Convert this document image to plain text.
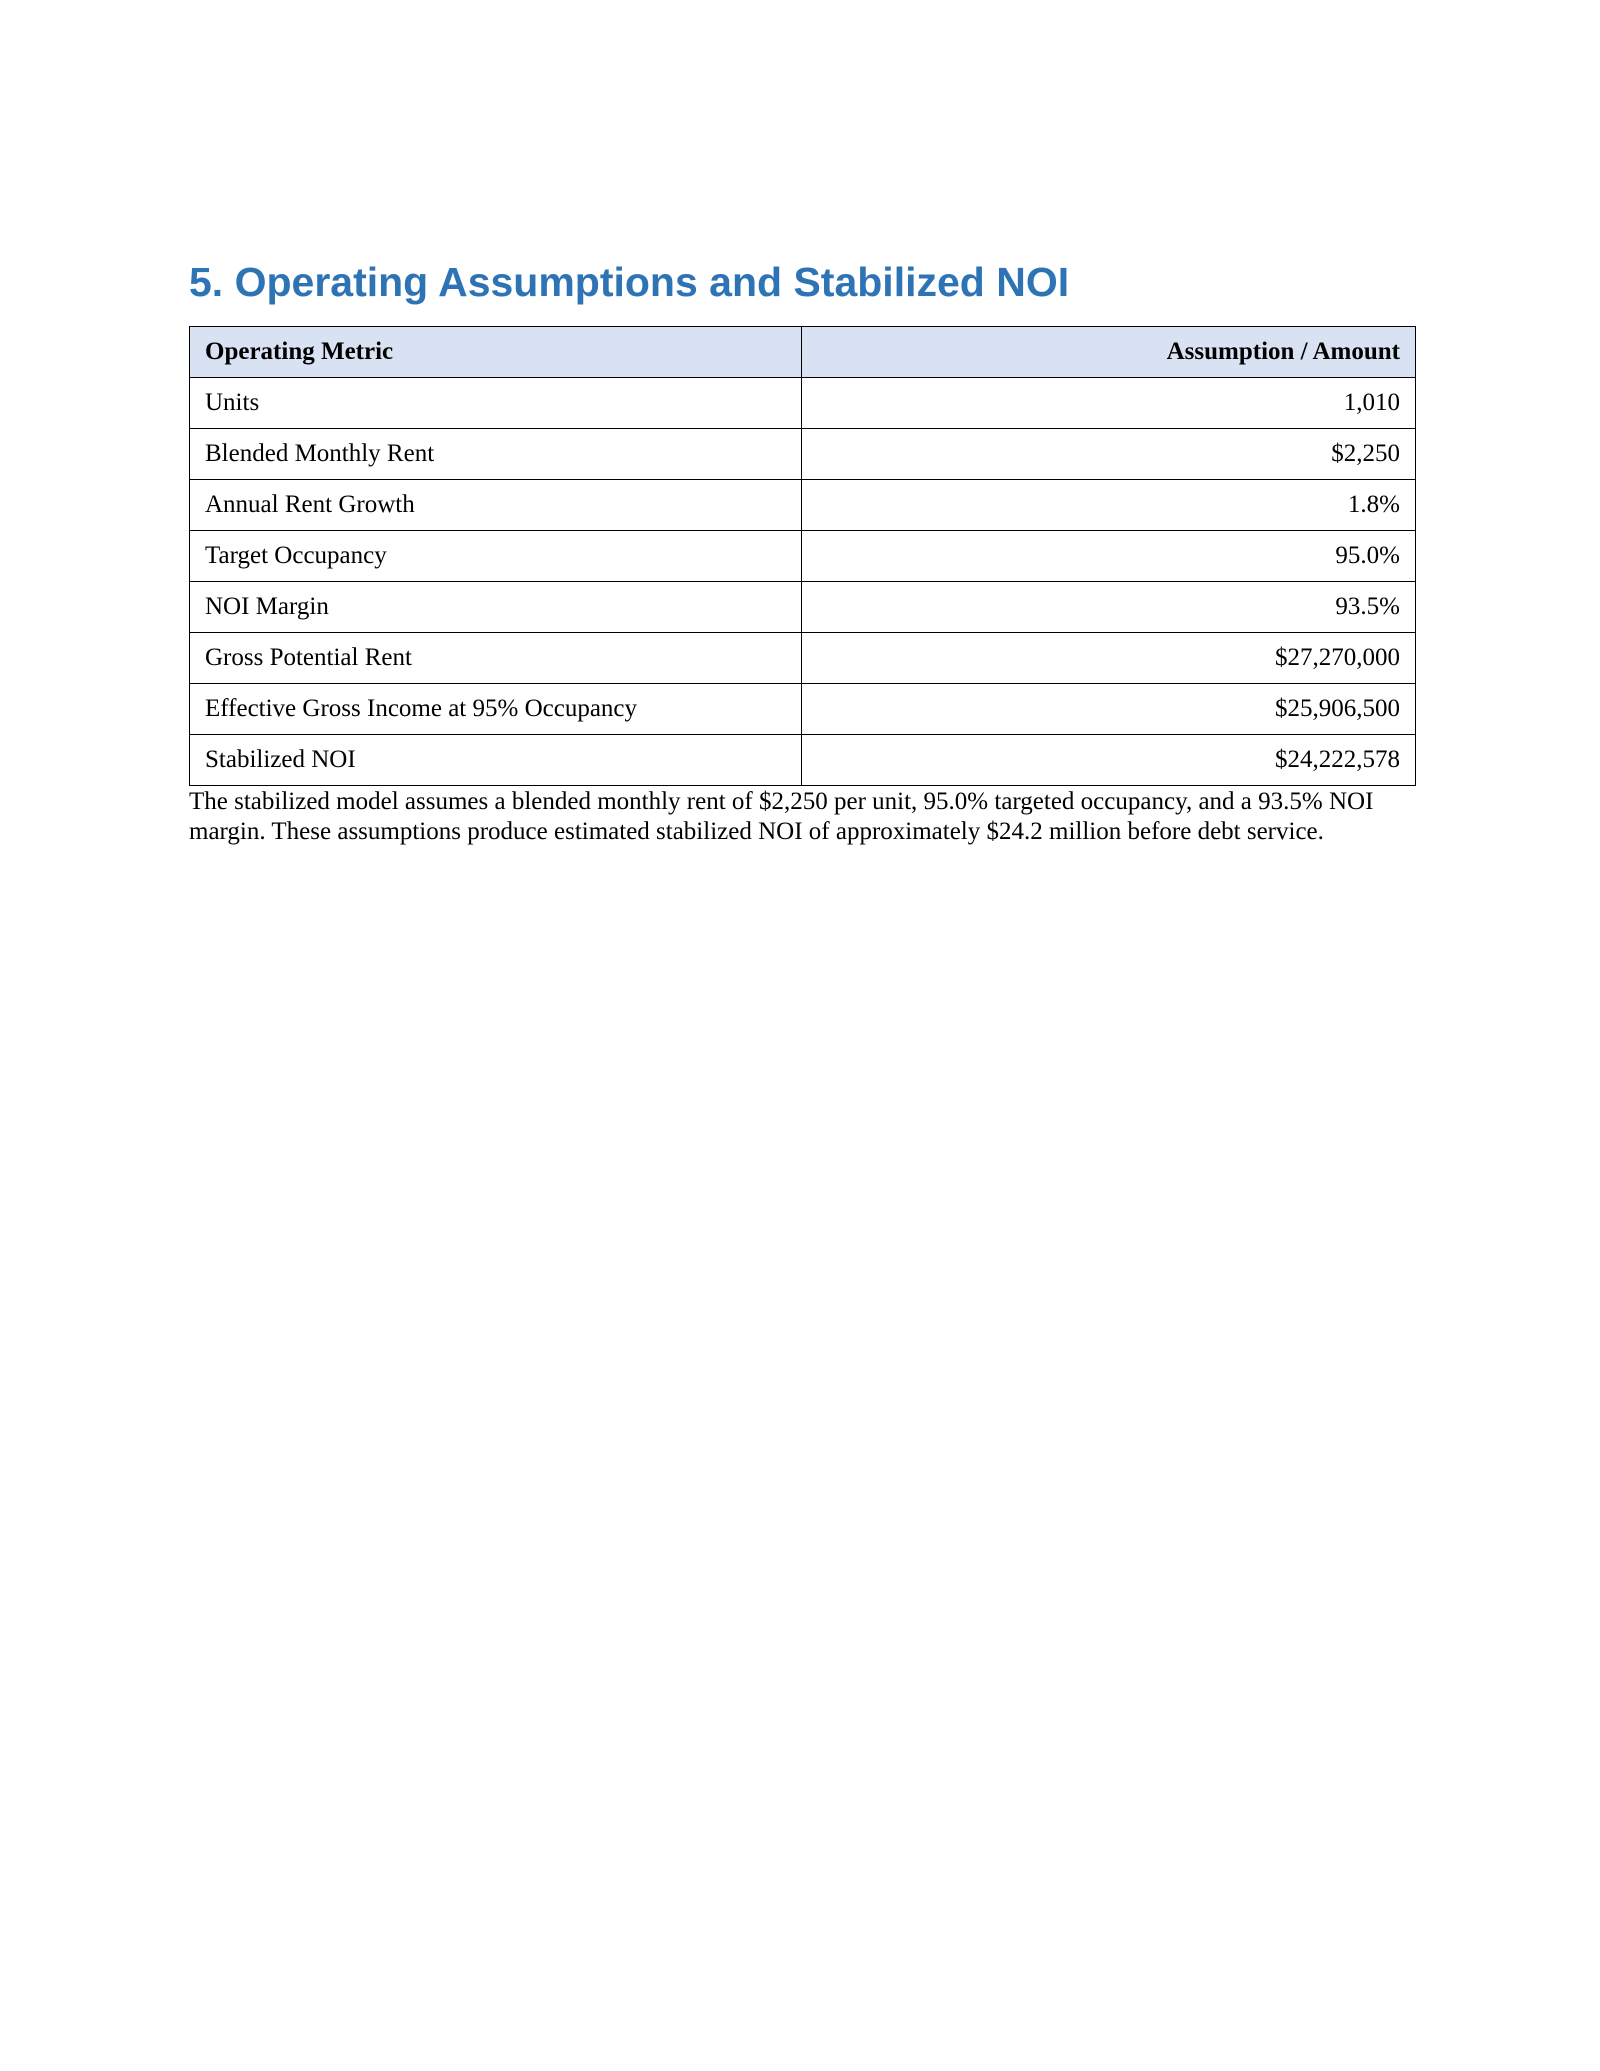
5. Operating Assumptions and Stabilized NOI
Operating Metric	Assumption / Amount
Units	1,010
Blended Monthly Rent	$2,250
Annual Rent Growth	1.8%
Target Occupancy	95.0%
NOI Margin	93.5%
Gross Potential Rent	$27,270,000
Effective Gross Income at 95% Occupancy	$25,906,500
Stabilized NOI	$24,222,578

The stabilized model assumes a blended monthly rent of $2,250 per unit, 95.0% targeted occupancy, and a 93.5% NOI margin. These assumptions produce estimated stabilized NOI of approximately $24.2 million before debt service.
